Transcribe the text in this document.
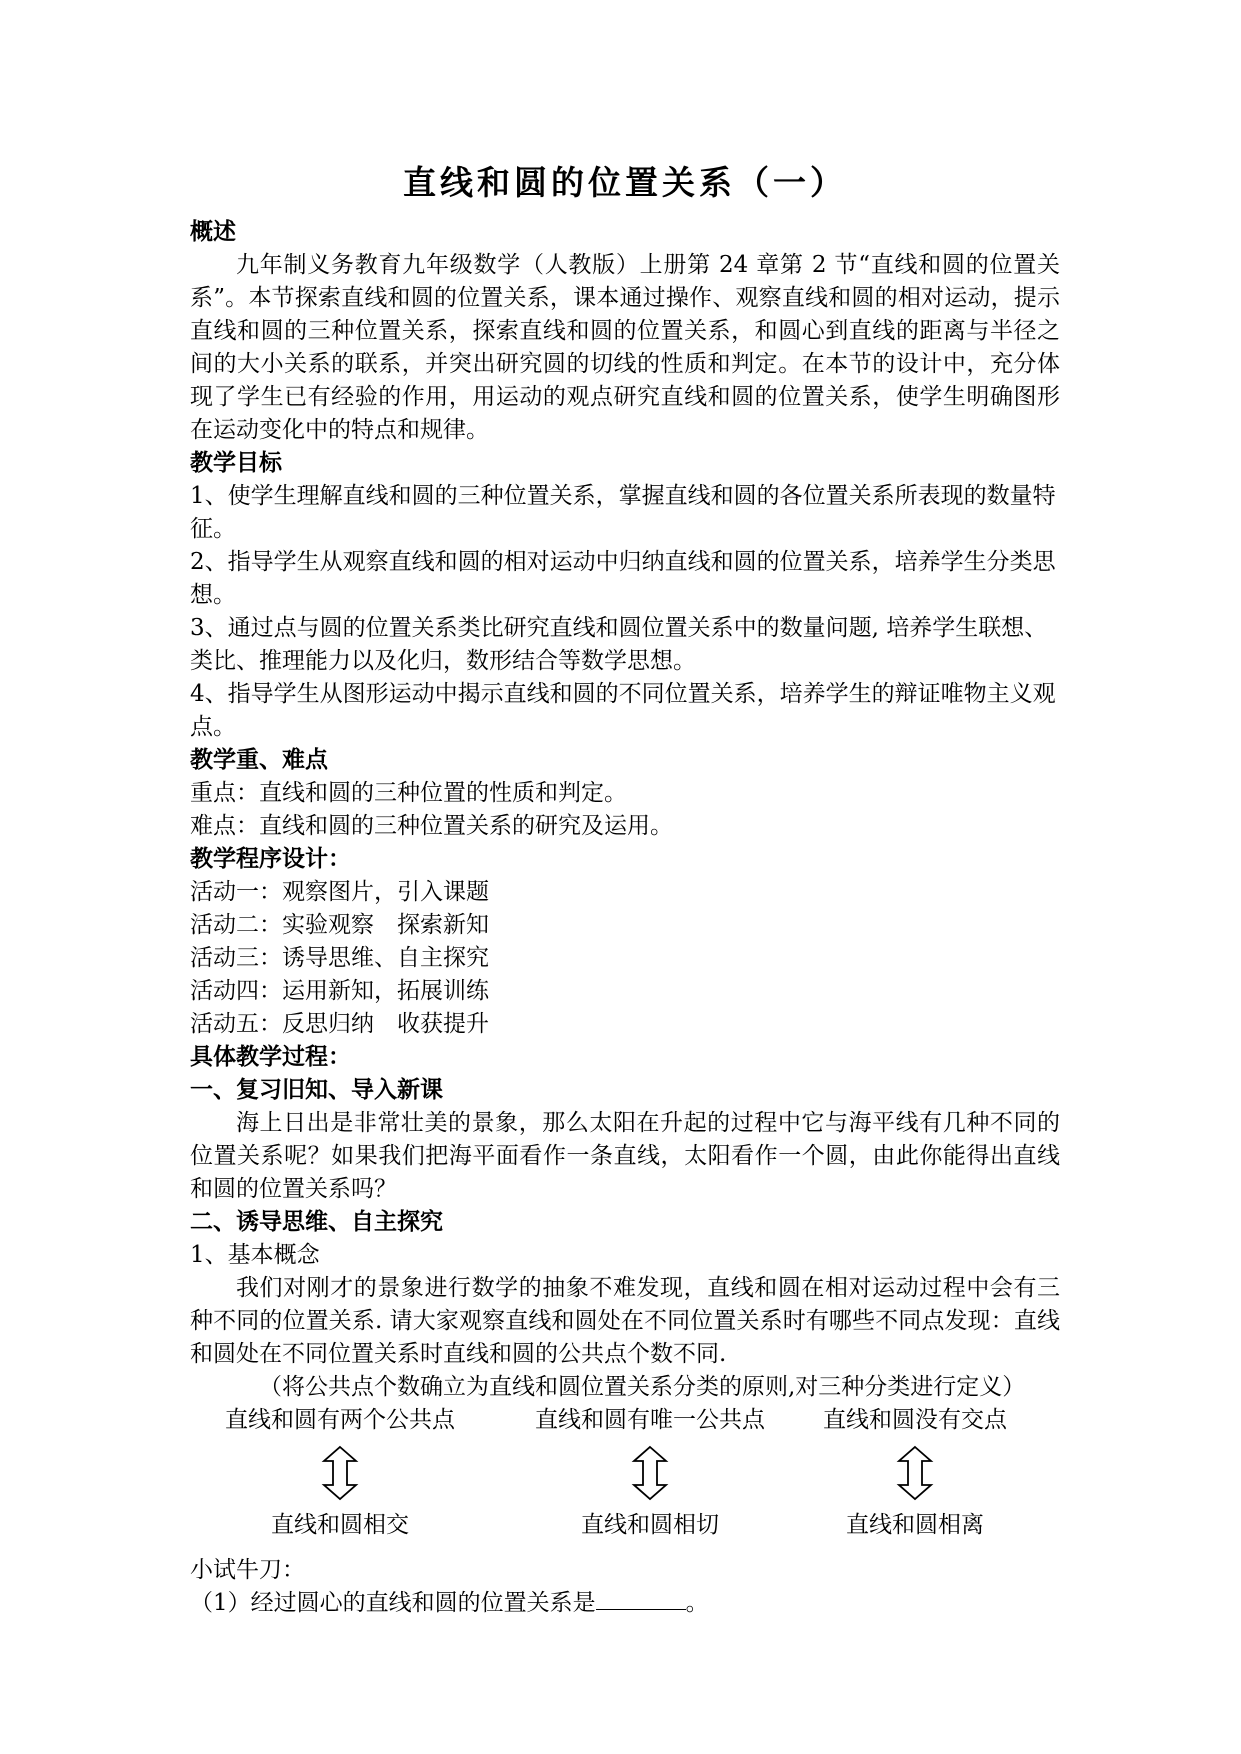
直线和圆的位置关系（一）
概述
九年制义务教育九年级数学（人教版）上册第 24 章第 2 节“直线和圆的位置关系”。本节探索直线和圆的位置关系，课本通过操作、观察直线和圆的相对运动，提示直线和圆的三种位置关系，探索直线和圆的位置关系，和圆心到直线的距离与半径之间的大小关系的联系，并突出研究圆的切线的性质和判定。在本节的设计中，充分体现了学生已有经验的作用，用运动的观点研究直线和圆的位置关系，使学生明确图形在运动变化中的特点和规律。
教学目标
1、使学生理解直线和圆的三种位置关系，掌握直线和圆的各位置关系所表现的数量特征。
2、指导学生从观察直线和圆的相对运动中归纳直线和圆的位置关系，培养学生分类思想。
3、通过点与圆的位置关系类比研究直线和圆位置关系中的数量问题, 培养学生联想、类比、推理能力以及化归，数形结合等数学思想。
4、指导学生从图形运动中揭示直线和圆的不同位置关系，培养学生的辩证唯物主义观点。
教学重、难点
重点：直线和圆的三种位置的性质和判定。
难点：直线和圆的三种位置关系的研究及运用。
教学程序设计：
活动一：观察图片，引入课题
活动二：实验观察　探索新知
活动三：诱导思维、自主探究
活动四：运用新知，拓展训练
活动五：反思归纳　收获提升
具体教学过程：
一、复习旧知、导入新课
海上日出是非常壮美的景象，那么太阳在升起的过程中它与海平线有几种不同的位置关系呢？如果我们把海平面看作一条直线，太阳看作一个圆，由此你能得出直线和圆的位置关系吗？
二、诱导思维、自主探究
1、基本概念
我们对刚才的景象进行数学的抽象不难发现，直线和圆在相对运动过程中会有三种不同的位置关系. 请大家观察直线和圆处在不同位置关系时有哪些不同点发现：直线和圆处在不同位置关系时直线和圆的公共点个数不同.
（将公共点个数确立为直线和圆位置关系分类的原则,对三种分类进行定义）
直线和圆有两个公共点
直线和圆相交
直线和圆有唯一公共点
直线和圆相切
直线和圆没有交点
直线和圆相离
小试牛刀：
（1）经过圆心的直线和圆的位置关系是	。
